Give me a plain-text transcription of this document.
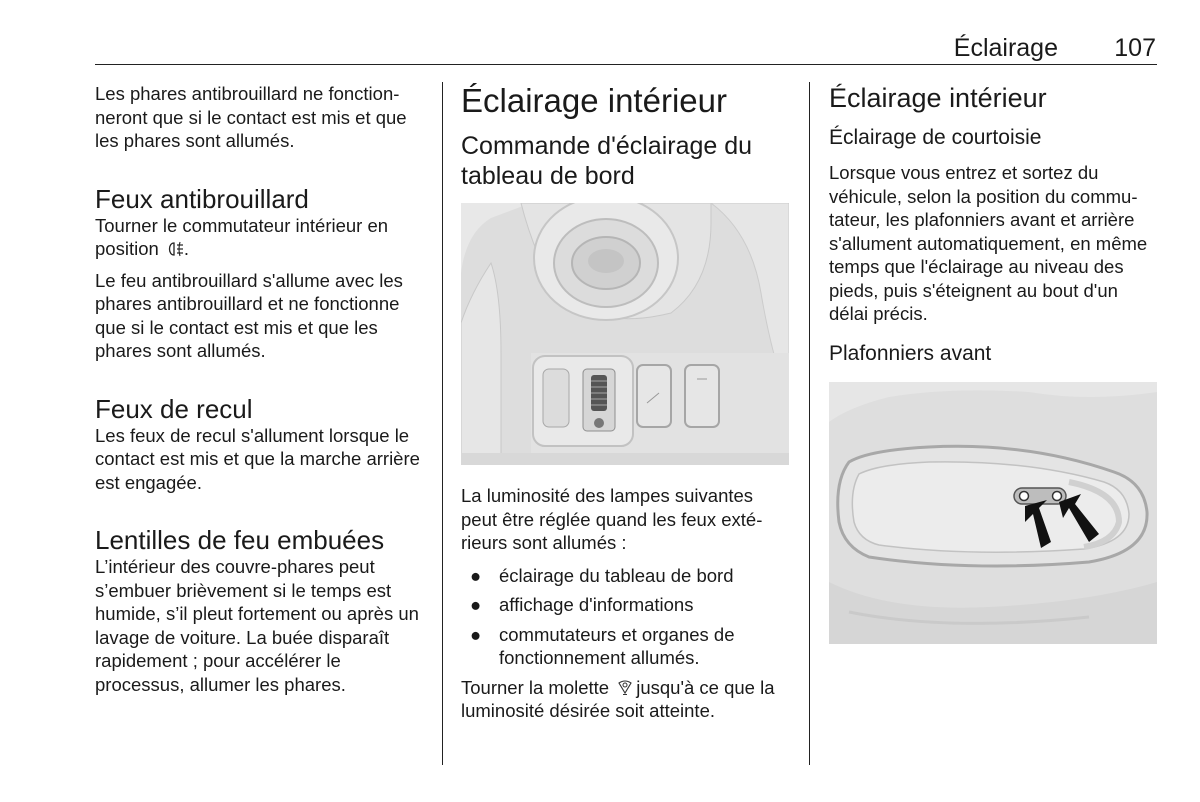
Éclairage 107

Les phares antibrouillard ne fonctionneront que si le contact est mis et que les phares sont allumés.

Feux antibrouillard

Tourner le commutateur intérieur en position .

Le feu antibrouillard s'allume avec les phares antibrouillard et ne fonctionne que si le contact est mis et que les phares sont allumés.

Feux de recul

Les feux de recul s'allument lorsque le contact est mis et que la marche arrière est engagée.

Lentilles de feu embuées

L’intérieur des couvre-phares peut s’embuer brièvement si le temps est humide, s’il pleut fortement ou après un lavage de voiture. La buée disparaît rapidement ; pour accélérer le processus, allumer les phares.

Éclairage intérieur
Commande d'éclairage du tableau de bord

La luminosité des lampes suivantes peut être réglée quand les feux extérieurs sont allumés :

● éclairage du tableau de bord
● affichage d'informations
● commutateurs et organes de fonctionnement allumés.

Tourner la molette jusqu'à ce que la luminosité désirée soit atteinte.

Éclairage intérieur
Éclairage de courtoisie

Lorsque vous entrez et sortez du véhicule, selon la position du commutateur, les plafonniers avant et arrière s'allument automatiquement, en même temps que l'éclairage au niveau des pieds, puis s'éteignent au bout d'un délai précis.

Plafonniers avant
